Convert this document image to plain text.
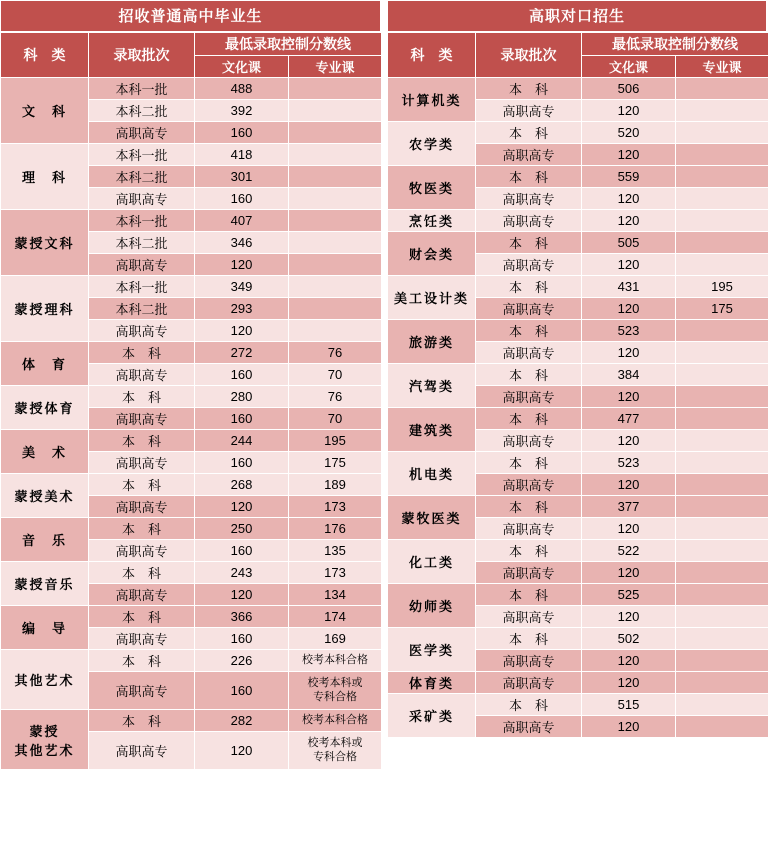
招收普通高中毕业生
科　类	录取批次	最低录取控制分数线	
		文化课	专业课
文　科	本科一批	488	
	本科二批	392	
	高职高专	160	
理　科	本科一批	418	
	本科二批	301	
	高职高专	160	
蒙授文科	本科一批	407	
	本科二批	346	
	高职高专	120	
蒙授理科	本科一批	349	
	本科二批	293	
	高职高专	120	
体　育	本　科	272	76
	高职高专	160	70
蒙授体育	本　科	280	76
	高职高专	160	70
美　术	本　科	244	195
	高职高专	160	175
蒙授美术	本　科	268	189
	高职高专	120	173
音　乐	本　科	250	176
	高职高专	160	135
蒙授音乐	本　科	243	173
	高职高专	120	134
编　导	本　科	366	174
	高职高专	160	169
其他艺术	本　科	226	校考本科合格
	高职高专	160	校考本科或
专科合格
蒙授
其他艺术	本　科	282	校考本科合格
	高职高专	120	校考本科或
专科合格
高职对口招生
科　类	录取批次	最低录取控制分数线	
		文化课	专业课
计算机类	本　科	506	
	高职高专	120	
农学类	本　科	520	
	高职高专	120	
牧医类	本　科	559	
	高职高专	120	
烹饪类	高职高专	120	
财会类	本　科	505	
	高职高专	120	
美工设计类	本　科	431	195
	高职高专	120	175
旅游类	本　科	523	
	高职高专	120	
汽驾类	本　科	384	
	高职高专	120	
建筑类	本　科	477	
	高职高专	120	
机电类	本　科	523	
	高职高专	120	
蒙牧医类	本　科	377	
	高职高专	120	
化工类	本　科	522	
	高职高专	120	
幼师类	本　科	525	
	高职高专	120	
医学类	本　科	502	
	高职高专	120	
体育类	高职高专	120	
采矿类	本　科	515	
	高职高专	120	
